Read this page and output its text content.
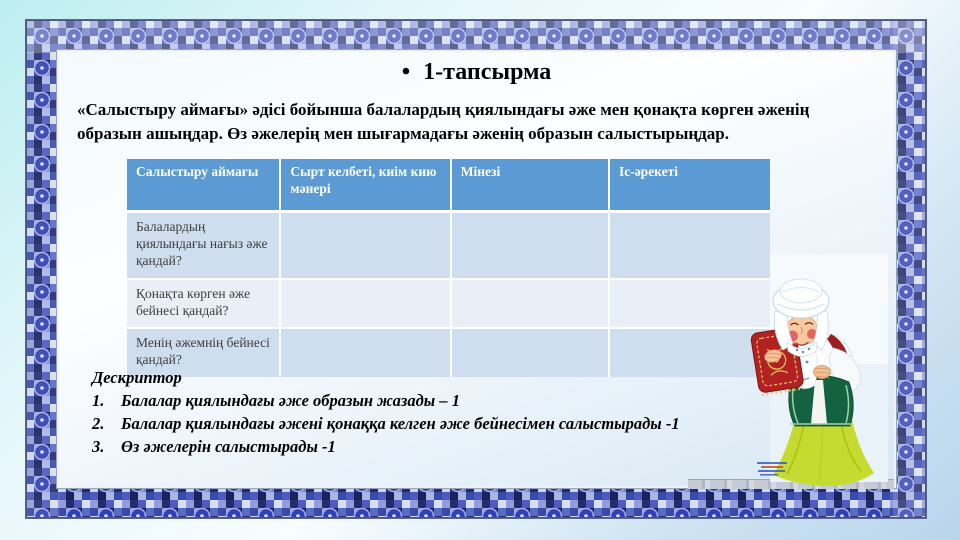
• 1-тапсырма

«Салыстыру аймағы» әдісі бойынша балалардың қиялындағы әже мен қонақта көрген әженің образын ашыңдар. Өз әжелерің мен шығармадағы әженің образын салыстырыңдар.

Салыстыру аймағы	Сырт келбеті, киім кию мәнері	Мінезі	Іс-әрекеті
Балалардың қиялындағы нағыз әже қандай?			
Қонақта көрген әже бейнесі қандай?			
Менің әжемнің бейнесі қандай?			
Дескриптор
1.	Балалар қиялындағы әже образын жазады – 1
2.	Балалар қиялындағы әжені қонаққа келген әже бейнесімен салыстырады -1
3.	Өз әжелерін салыстырады -1
